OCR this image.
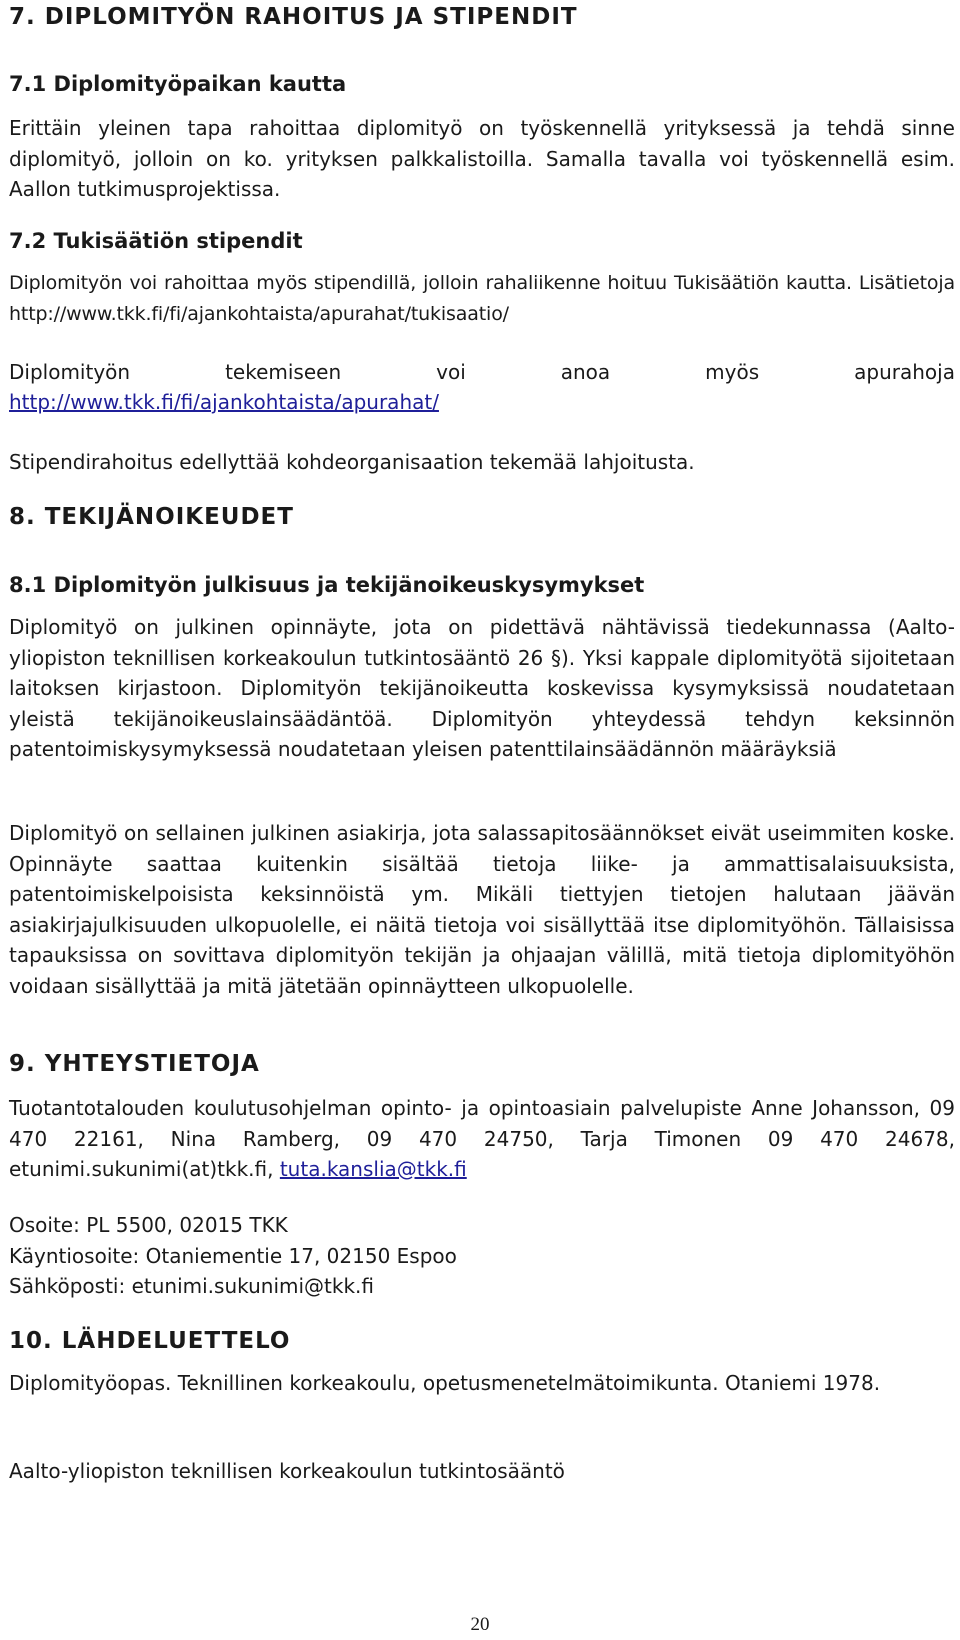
7. DIPLOMITYÖN RAHOITUS JA STIPENDIT
7.1 Diplomityöpaikan kautta

Erittäin yleinen tapa rahoittaa diplomityö on työskennellä yrityksessä ja tehdä sinne diplomityö, jolloin on ko. yrityksen palkkalistoilla. Samalla tavalla voi työskennellä esim. Aallon tutkimusprojektissa.

7.2 Tukisäätiön stipendit

Diplomityön voi rahoittaa myös stipendillä, jolloin rahaliikenne hoituu Tukisäätiön kautta. Lisätietoja http://www.tkk.fi/fi/ajankohtaista/apurahat/tukisaatio/

Diplomityön	tekemiseen	voi	anoa	myös	apurahoja
http://www.tkk.fi/fi/ajankohtaista/apurahat/

Stipendirahoitus edellyttää kohdeorganisaation tekemää lahjoitusta.

8. TEKIJÄNOIKEUDET
8.1 Diplomityön julkisuus ja tekijänoikeuskysymykset

Diplomityö on julkinen opinnäyte, jota on pidettävä nähtävissä tiedekunnassa (Aalto-yliopiston teknillisen korkeakoulun tutkintosääntö 26 §). Yksi kappale diplomityötä sijoitetaan laitoksen kirjastoon. Diplomityön tekijänoikeutta koskevissa kysymyksissä noudatetaan yleistä tekijänoikeuslainsäädäntöä. Diplomityön yhteydessä tehdyn keksinnön patentoimiskysymyksessä noudatetaan yleisen patenttilainsäädännön määräyksiä

Diplomityö on sellainen julkinen asiakirja, jota salassapitosäännökset eivät useimmiten koske. Opinnäyte saattaa kuitenkin sisältää tietoja liike- ja ammattisalaisuuksista, patentoimiskelpoisista keksinnöistä ym. Mikäli tiettyjen tietojen halutaan jäävän asiakirjajulkisuuden ulkopuolelle, ei näitä tietoja voi sisällyttää itse diplomityöhön. Tällaisissa tapauksissa on sovittava diplomityön tekijän ja ohjaajan välillä, mitä tietoja diplomityöhön voidaan sisällyttää ja mitä jätetään opinnäytteen ulkopuolelle.

9. YHTEYSTIETOJA

Tuotantotalouden koulutusohjelman opinto- ja opintoasiain palvelupiste Anne Johansson, 09 470 22161, Nina Ramberg, 09 470 24750, Tarja Timonen 09 470 24678, etunimi.sukunimi(at)tkk.fi, tuta.kanslia@tkk.fi

Osoite: PL 5500, 02015 TKK
Käyntiosoite: Otaniementie 17, 02150 Espoo
Sähköposti: etunimi.sukunimi@tkk.fi
10. LÄHDELUETTELO

Diplomityöopas. Teknillinen korkeakoulu, opetusmenetelmätoimikunta. Otaniemi 1978.

Aalto-yliopiston teknillisen korkeakoulun tutkintosääntö

20
